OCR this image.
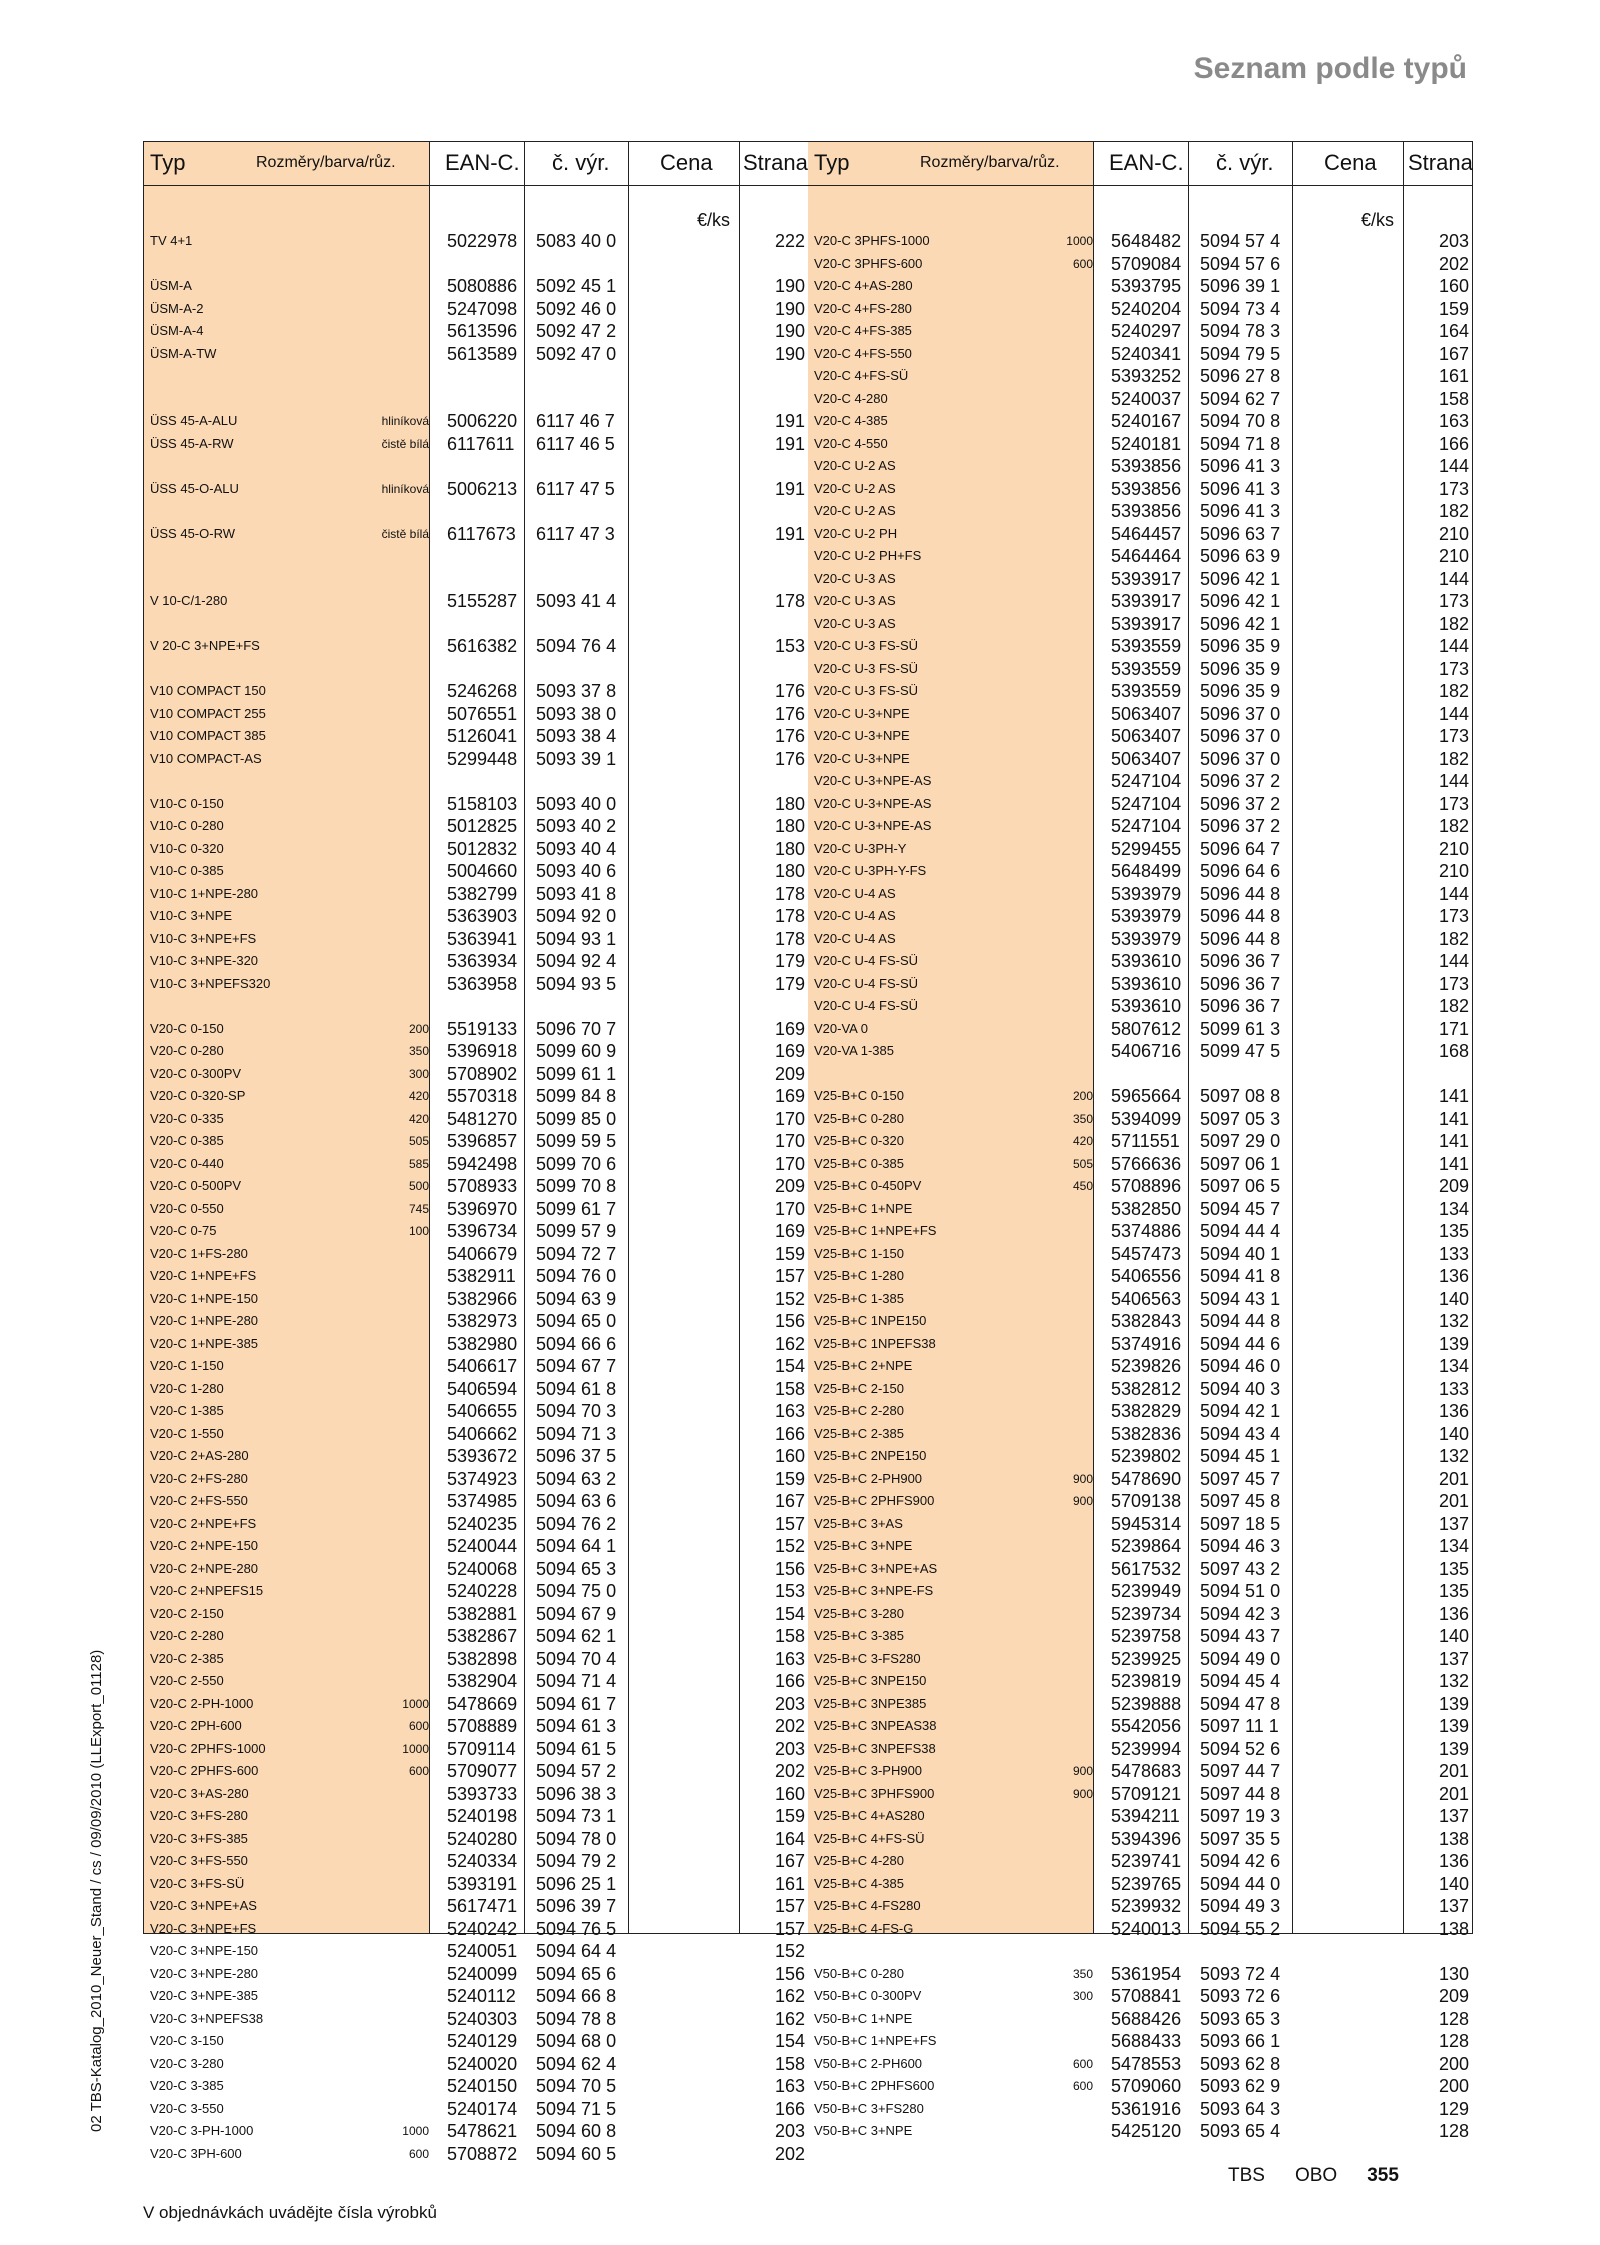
Seznam podle typů
Typ	Rozměry/barva/růz. EAN-C. č. výr. Cena Strana
€/ks
TV 4+1	5022978 5083 40 0	222
ÜSM-A	5080886 5092 45 1	190
ÜSM-A-2	5247098 5092 46 0	190
ÜSM-A-4	5613596 5092 47 2	190
ÜSM-A-TW	5613589 5092 47 0	190
ÜSS 45-A-ALU	hliníková 5006220 6117 46 7	191
ÜSS 45-A-RW	čistě bílá 6117611 6117 46 5	191
ÜSS 45-O-ALU	hliníková 5006213 6117 47 5	191
ÜSS 45-O-RW	čistě bílá 6117673 6117 47 3	191
V 10-C/1-280	5155287 5093 41 4	178
V 20-C 3+NPE+FS	5616382 5094 76 4	153
V10 COMPACT 150	5246268 5093 37 8	176
V10 COMPACT 255	5076551 5093 38 0	176
V10 COMPACT 385	5126041 5093 38 4	176
V10 COMPACT-AS	5299448 5093 39 1	176
V10-C 0-150	5158103 5093 40 0	180
V10-C 0-280	5012825 5093 40 2	180
V10-C 0-320	5012832 5093 40 4	180
V10-C 0-385	5004660 5093 40 6	180
V10-C 1+NPE-280	5382799 5093 41 8	178
V10-C 3+NPE	5363903 5094 92 0	178
V10-C 3+NPE+FS	5363941 5094 93 1	178
V10-C 3+NPE-320	5363934 5094 92 4	179
V10-C 3+NPEFS320	5363958 5094 93 5	179
V20-C 0-150	200 5519133 5096 70 7	169
V20-C 0-280	350 5396918 5099 60 9	169
V20-C 0-300PV	300 5708902 5099 61 1	209
V20-C 0-320-SP	420 5570318 5099 84 8	169
V20-C 0-335	420 5481270 5099 85 0	170
V20-C 0-385	505 5396857 5099 59 5	170
V20-C 0-440	585 5942498 5099 70 6	170
V20-C 0-500PV	500 5708933 5099 70 8	209
V20-C 0-550	745 5396970 5099 61 7	170
V20-C 0-75	100 5396734 5099 57 9	169
V20-C 1+FS-280	5406679 5094 72 7	159
V20-C 1+NPE+FS	5382911 5094 76 0	157
V20-C 1+NPE-150	5382966 5094 63 9	152
V20-C 1+NPE-280	5382973 5094 65 0	156
V20-C 1+NPE-385	5382980 5094 66 6	162
V20-C 1-150	5406617 5094 67 7	154
V20-C 1-280	5406594 5094 61 8	158
V20-C 1-385	5406655 5094 70 3	163
V20-C 1-550	5406662 5094 71 3	166
V20-C 2+AS-280	5393672 5096 37 5	160
V20-C 2+FS-280	5374923 5094 63 2	159
V20-C 2+FS-550	5374985 5094 63 6	167
V20-C 2+NPE+FS	5240235 5094 76 2	157
V20-C 2+NPE-150	5240044 5094 64 1	152
V20-C 2+NPE-280	5240068 5094 65 3	156
V20-C 2+NPEFS15	5240228 5094 75 0	153
V20-C 2-150	5382881 5094 67 9	154
V20-C 2-280	5382867 5094 62 1	158
V20-C 2-385	5382898 5094 70 4	163
V20-C 2-550	5382904 5094 71 4	166
V20-C 2-PH-1000	1000 5478669 5094 61 7	203
V20-C 2PH-600	600 5708889 5094 61 3	202
V20-C 2PHFS-1000	1000 5709114 5094 61 5	203
V20-C 2PHFS-600	600 5709077 5094 57 2	202
V20-C 3+AS-280	5393733 5096 38 3	160
V20-C 3+FS-280	5240198 5094 73 1	159
V20-C 3+FS-385	5240280 5094 78 0	164
V20-C 3+FS-550	5240334 5094 79 2	167
V20-C 3+FS-SÜ	5393191 5096 25 1	161
V20-C 3+NPE+AS	5617471 5096 39 7	157
V20-C 3+NPE+FS	5240242 5094 76 5	157
V20-C 3+NPE-150	5240051 5094 64 4	152
V20-C 3+NPE-280	5240099 5094 65 6	156
V20-C 3+NPE-385	5240112 5094 66 8	162
V20-C 3+NPEFS38	5240303 5094 78 8	162
V20-C 3-150	5240129 5094 68 0	154
V20-C 3-280	5240020 5094 62 4	158
V20-C 3-385	5240150 5094 70 5	163
V20-C 3-550	5240174 5094 71 5	166
V20-C 3-PH-1000	1000 5478621 5094 60 8	203
V20-C 3PH-600	600 5708872 5094 60 5	202
Typ	Rozměry/barva/růz. EAN-C. č. výr. Cena Strana
€/ks
V20-C 3PHFS-1000	1000 5648482 5094 57 4	203
V20-C 3PHFS-600	600 5709084 5094 57 6	202
V20-C 4+AS-280	5393795 5096 39 1	160
V20-C 4+FS-280	5240204 5094 73 4	159
V20-C 4+FS-385	5240297 5094 78 3	164
V20-C 4+FS-550	5240341 5094 79 5	167
V20-C 4+FS-SÜ	5393252 5096 27 8	161
V20-C 4-280	5240037 5094 62 7	158
V20-C 4-385	5240167 5094 70 8	163
V20-C 4-550	5240181 5094 71 8	166
V20-C U-2 AS	5393856 5096 41 3	144
V20-C U-2 AS	5393856 5096 41 3	173
V20-C U-2 AS	5393856 5096 41 3	182
V20-C U-2 PH	5464457 5096 63 7	210
V20-C U-2 PH+FS	5464464 5096 63 9	210
V20-C U-3 AS	5393917 5096 42 1	144
V20-C U-3 AS	5393917 5096 42 1	173
V20-C U-3 AS	5393917 5096 42 1	182
V20-C U-3 FS-SÜ	5393559 5096 35 9	144
V20-C U-3 FS-SÜ	5393559 5096 35 9	173
V20-C U-3 FS-SÜ	5393559 5096 35 9	182
V20-C U-3+NPE	5063407 5096 37 0	144
V20-C U-3+NPE	5063407 5096 37 0	173
V20-C U-3+NPE	5063407 5096 37 0	182
V20-C U-3+NPE-AS	5247104 5096 37 2	144
V20-C U-3+NPE-AS	5247104 5096 37 2	173
V20-C U-3+NPE-AS	5247104 5096 37 2	182
V20-C U-3PH-Y	5299455 5096 64 7	210
V20-C U-3PH-Y-FS	5648499 5096 64 6	210
V20-C U-4 AS	5393979 5096 44 8	144
V20-C U-4 AS	5393979 5096 44 8	173
V20-C U-4 AS	5393979 5096 44 8	182
V20-C U-4 FS-SÜ	5393610 5096 36 7	144
V20-C U-4 FS-SÜ	5393610 5096 36 7	173
V20-C U-4 FS-SÜ	5393610 5096 36 7	182
V20-VA 0	5807612 5099 61 3	171
V20-VA 1-385	5406716 5099 47 5	168
V25-B+C 0-150	200 5965664 5097 08 8	141
V25-B+C 0-280	350 5394099 5097 05 3	141
V25-B+C 0-320	420 5711551 5097 29 0	141
V25-B+C 0-385	505 5766636 5097 06 1	141
V25-B+C 0-450PV	450 5708896 5097 06 5	209
V25-B+C 1+NPE	5382850 5094 45 7	134
V25-B+C 1+NPE+FS	5374886 5094 44 4	135
V25-B+C 1-150	5457473 5094 40 1	133
V25-B+C 1-280	5406556 5094 41 8	136
V25-B+C 1-385	5406563 5094 43 1	140
V25-B+C 1NPE150	5382843 5094 44 8	132
V25-B+C 1NPEFS38	5374916 5094 44 6	139
V25-B+C 2+NPE	5239826 5094 46 0	134
V25-B+C 2-150	5382812 5094 40 3	133
V25-B+C 2-280	5382829 5094 42 1	136
V25-B+C 2-385	5382836 5094 43 4	140
V25-B+C 2NPE150	5239802 5094 45 1	132
V25-B+C 2-PH900	900 5478690 5097 45 7	201
V25-B+C 2PHFS900	900 5709138 5097 45 8	201
V25-B+C 3+AS	5945314 5097 18 5	137
V25-B+C 3+NPE	5239864 5094 46 3	134
V25-B+C 3+NPE+AS	5617532 5097 43 2	135
V25-B+C 3+NPE-FS	5239949 5094 51 0	135
V25-B+C 3-280	5239734 5094 42 3	136
V25-B+C 3-385	5239758 5094 43 7	140
V25-B+C 3-FS280	5239925 5094 49 0	137
V25-B+C 3NPE150	5239819 5094 45 4	132
V25-B+C 3NPE385	5239888 5094 47 8	139
V25-B+C 3NPEAS38	5542056 5097 11 1	139
V25-B+C 3NPEFS38	5239994 5094 52 6	139
V25-B+C 3-PH900	900 5478683 5097 44 7	201
V25-B+C 3PHFS900	900 5709121 5097 44 8	201
V25-B+C 4+AS280	5394211 5097 19 3	137
V25-B+C 4+FS-SÜ	5394396 5097 35 5	138
V25-B+C 4-280	5239741 5094 42 6	136
V25-B+C 4-385	5239765 5094 44 0	140
V25-B+C 4-FS280	5239932 5094 49 3	137
V25-B+C 4-FS-G	5240013 5094 55 2	138
V50-B+C 0-280	350 5361954 5093 72 4	130
V50-B+C 0-300PV	300 5708841 5093 72 6	209
V50-B+C 1+NPE	5688426 5093 65 3	128
V50-B+C 1+NPE+FS	5688433 5093 66 1	128
V50-B+C 2-PH600	600 5478553 5093 62 8	200
V50-B+C 2PHFS600	600 5709060 5093 62 9	200
V50-B+C 3+FS280	5361916 5093 64 3	129
V50-B+C 3+NPE	5425120 5093 65 4	128
TBS OBO 355
V objednávkách uvádějte čísla výrobků
02 TBS-Katalog_2010_Neuer_Stand / cs / 09/09/2010 (LLExport_01128)
